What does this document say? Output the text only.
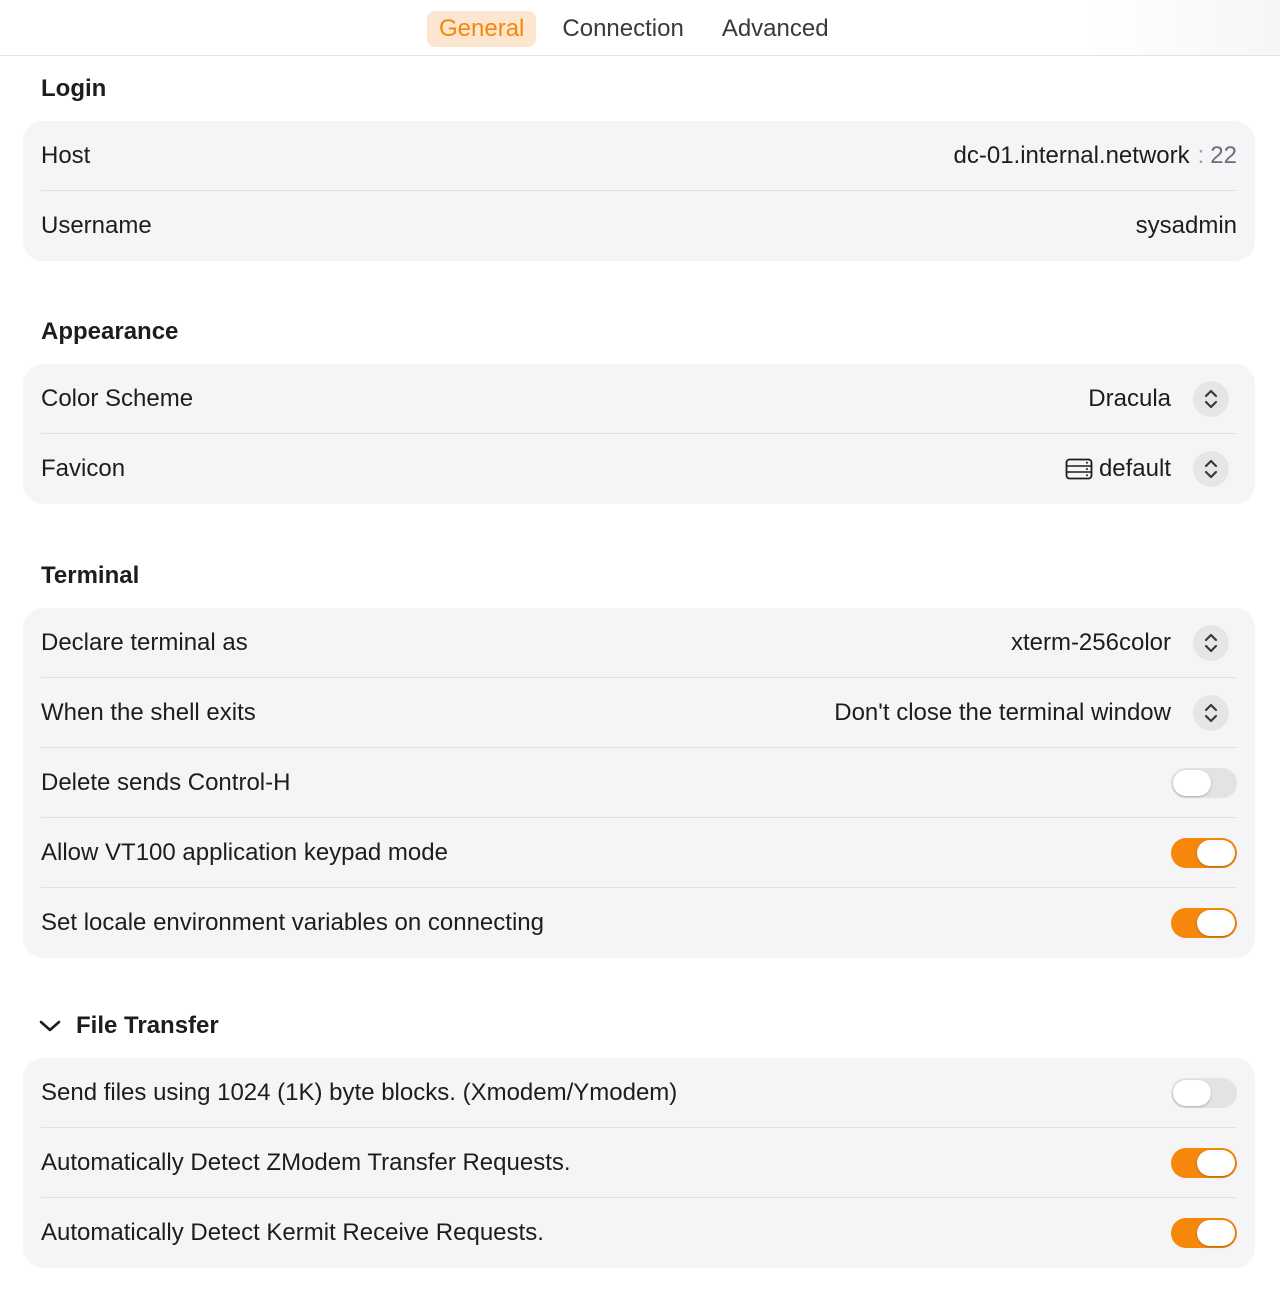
General	Connection	Advanced
Login
Host	dc-01.internal.network : 22
Username	sysadmin
Appearance
Color Scheme	Dracula
Favicon	default
Terminal
Declare terminal as	xterm-256color
When the shell exits	Don't close the terminal window
Delete sends Control-H
Allow VT100 application keypad mode
Set locale environment variables on connecting
File Transfer
Send files using 1024 (1K) byte blocks. (Xmodem/Ymodem)
Automatically Detect ZModem Transfer Requests.
Automatically Detect Kermit Receive Requests.
